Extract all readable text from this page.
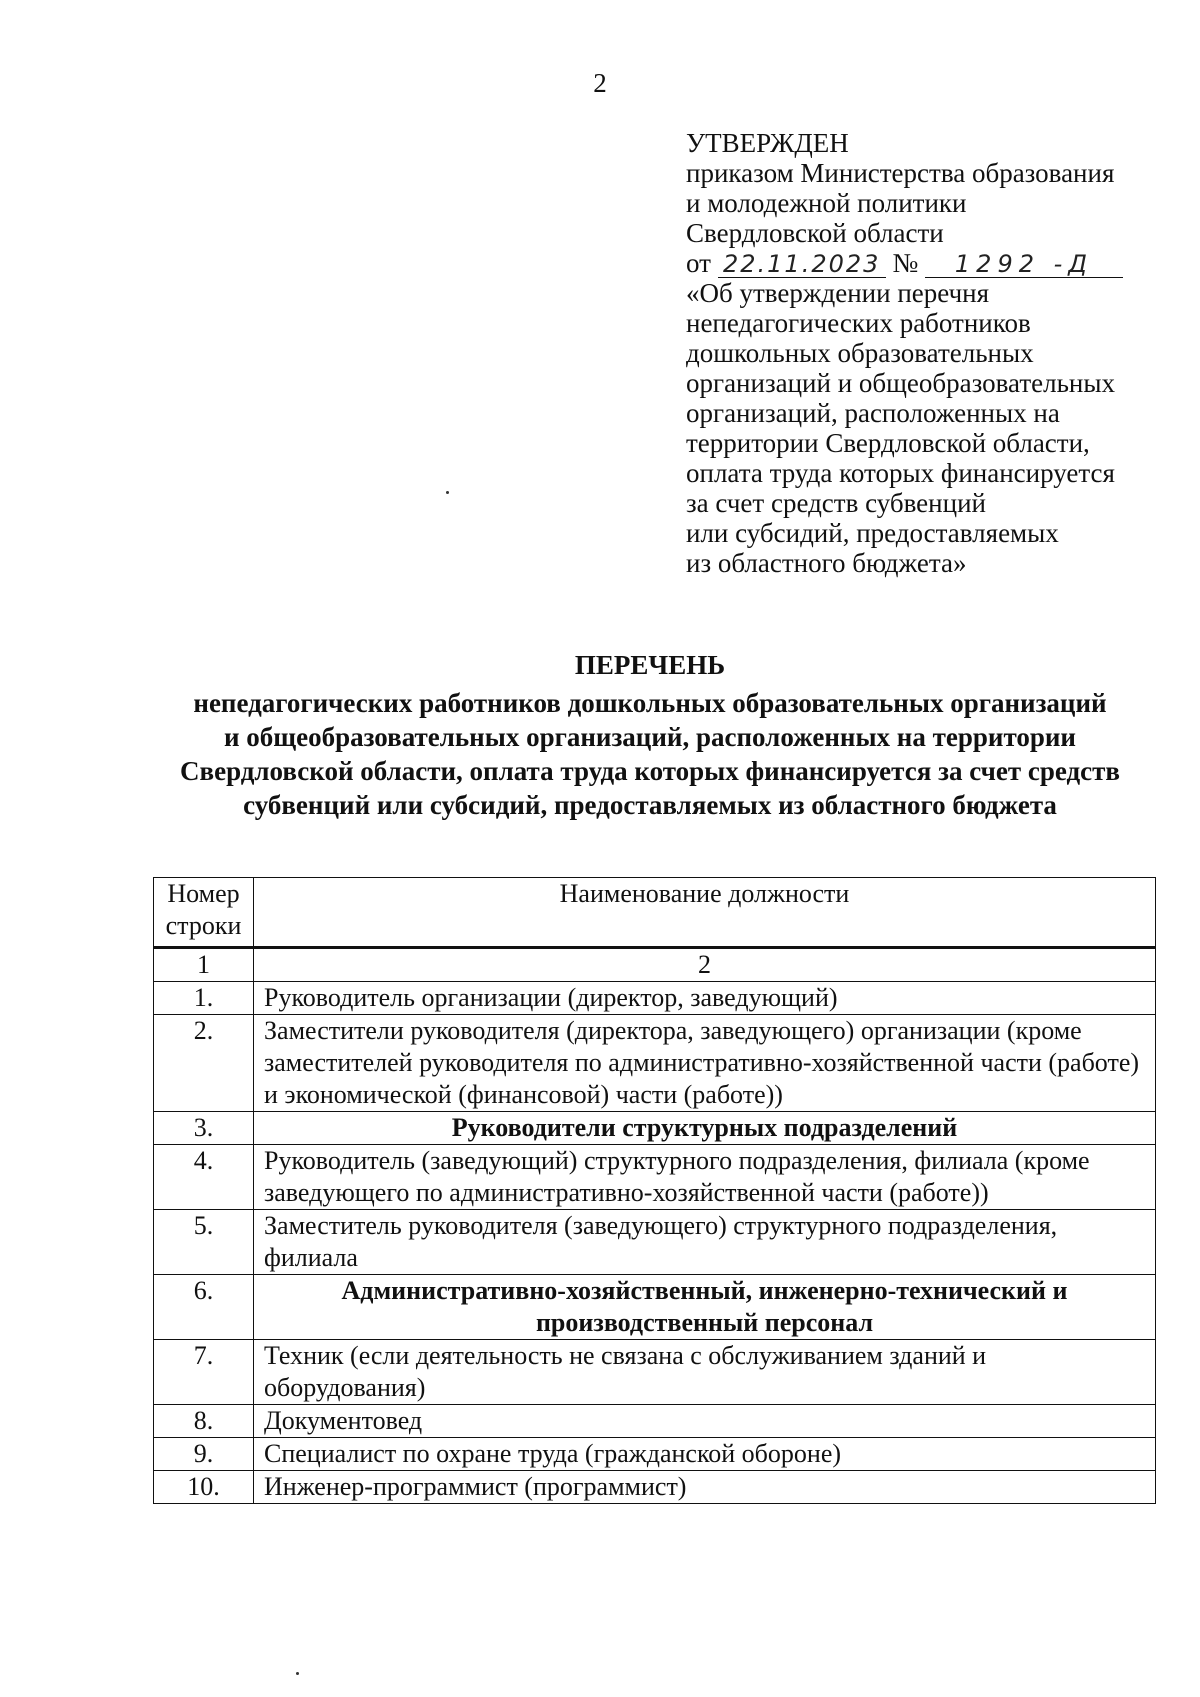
2
УТВЕРЖДЕН
приказом Министерства образования
и молодежной политики
Свердловской области
от 22.11.2023 № 1292 -Д
«Об утверждении перечня
непедагогических работников
дошкольных образовательных
организаций и общеобразовательных
организаций, расположенных на
территории Свердловской области,
оплата труда которых финансируется
за счет средств субвенций
или субсидий, предоставляемых
из областного бюджета»
ПЕРЕЧЕНЬ
непедагогических работников дошкольных образовательных организаций
и общеобразовательных организаций, расположенных на территории
Свердловской области, оплата труда которых финансируется за счет средств
субвенций или субсидий, предоставляемых из областного бюджета
Номер
строки	Наименование должности
1	2
1.	Руководитель организации (директор, заведующий)
2.	Заместители руководителя (директора, заведующего) организации (кроме заместителей руководителя по административно-хозяйственной части (работе) и экономической (финансовой) части (работе))
3.	Руководители структурных подразделений
4.	Руководитель (заведующий) структурного подразделения, филиала (кроме заведующего по административно-хозяйственной части (работе))
5.	Заместитель руководителя (заведующего) структурного подразделения, филиала
6.	Административно-хозяйственный, инженерно-технический и производственный персонал
7.	Техник (если деятельность не связана с обслуживанием зданий и оборудования)
8.	Документовед
9.	Специалист по охране труда (гражданской обороне)
10.	Инженер-программист (программист)
